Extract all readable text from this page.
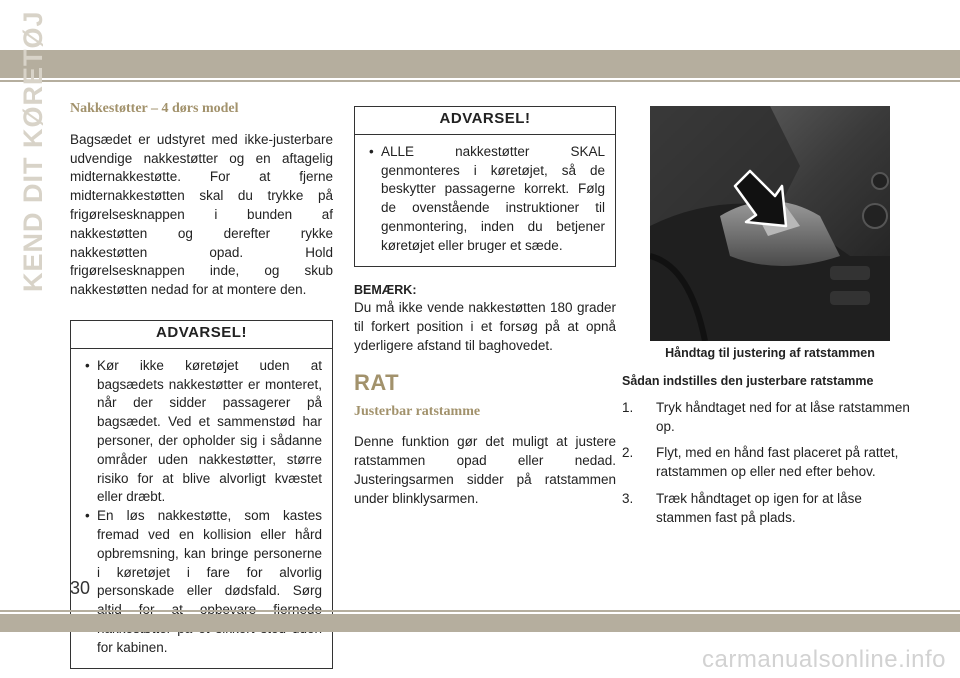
KEND DIT KØRETØJ Nakkestøtter – 4 dørs model

Bagsædet er udstyret med ikke-justerbare udvendige nakkestøtter og en aftagelig midternakkestøtte. For at fjerne midternakkestøtten skal du trykke på frigørelsesknappen i bunden af nakkestøtten og derefter rykke nakkestøtten opad. Hold frigørelsesknappen inde, og skub nakkestøtten nedad for at montere den.

ADVARSEL!
• Kør ikke køretøjet uden at bagsædets nakkestøtter er monteret, når der sidder passagerer på bagsædet. Ved et sammenstød har personer, der opholder sig i sådanne områder uden nakkestøtter, større risiko for at blive alvorligt kvæstet eller dræbt.
• En løs nakkestøtte, som kastes fremad ved en kollision eller hård opbremsning, kan bringe personerne i køretøjet i fare for alvorlig personskade eller dødsfald. Sørg for kabinen.
ADVARSEL!
• ALLE nakkestøtter SKAL genmonteres i køretøjet, så de beskytter passagerne korrekt. Følg de ovenstående instruktioner til genmontering, inden du betjener køretøjet eller bruger et sæde.
BEMÆRK:

Du må ikke vende nakkestøtten 180 grader til forkert position i et forsøg på at opnå yderligere afstand til baghovedet.

RAT
Justerbar ratstamme

Denne funktion gør det muligt at justere ratstammen opad eller nedad. Justeringsarmen sidder på ratstammen under blinklysarmen.

Håndtag til justering af ratstammen
Sådan indstilles den justerbare ratstamme
1. Tryk håndtaget ned for at låse ratstammen op.
2. Flyt, med en hånd fast placeret på rattet, ratstammen op eller ned efter behov.
3. Træk håndtaget op igen for at låse stammen fast på plads.
30
carmanualsonline.info
